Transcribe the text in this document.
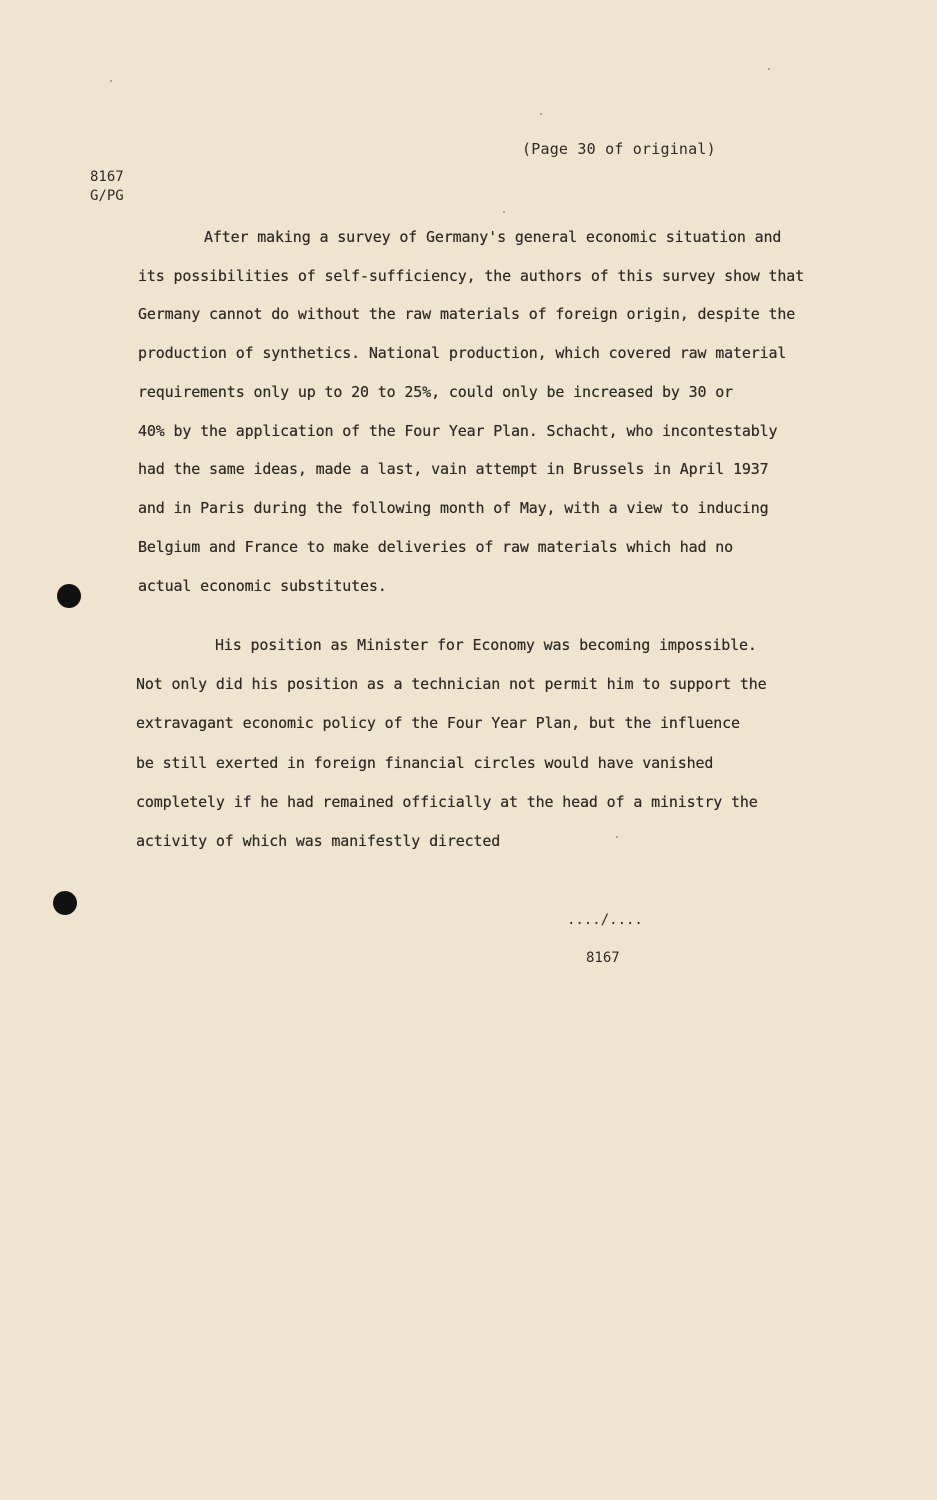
(Page 30 of original)
8167
G/PG
After making a survey of Germany's general economic situation and
its possibilities of self-sufficiency, the authors of this survey show that
Germany cannot do without the raw materials of foreign origin, despite the
production of synthetics. National production, which covered raw material
requirements only up to 20 to 25%, could only be increased by 30 or
40% by the application of the Four Year Plan. Schacht, who incontestably
had the same ideas, made a last, vain attempt in Brussels in April 1937
and in Paris during the following month of May, with a view to inducing
Belgium and France to make deliveries of raw materials which had no
actual economic substitutes.
His position as Minister for Economy was becoming impossible.
Not only did his position as a technician not permit him to support the
extravagant economic policy of the Four Year Plan, but the influence
be still exerted in foreign financial circles would have vanished
completely if he had remained officially at the head of a ministry the
activity of which was manifestly directed
..../....
8167
